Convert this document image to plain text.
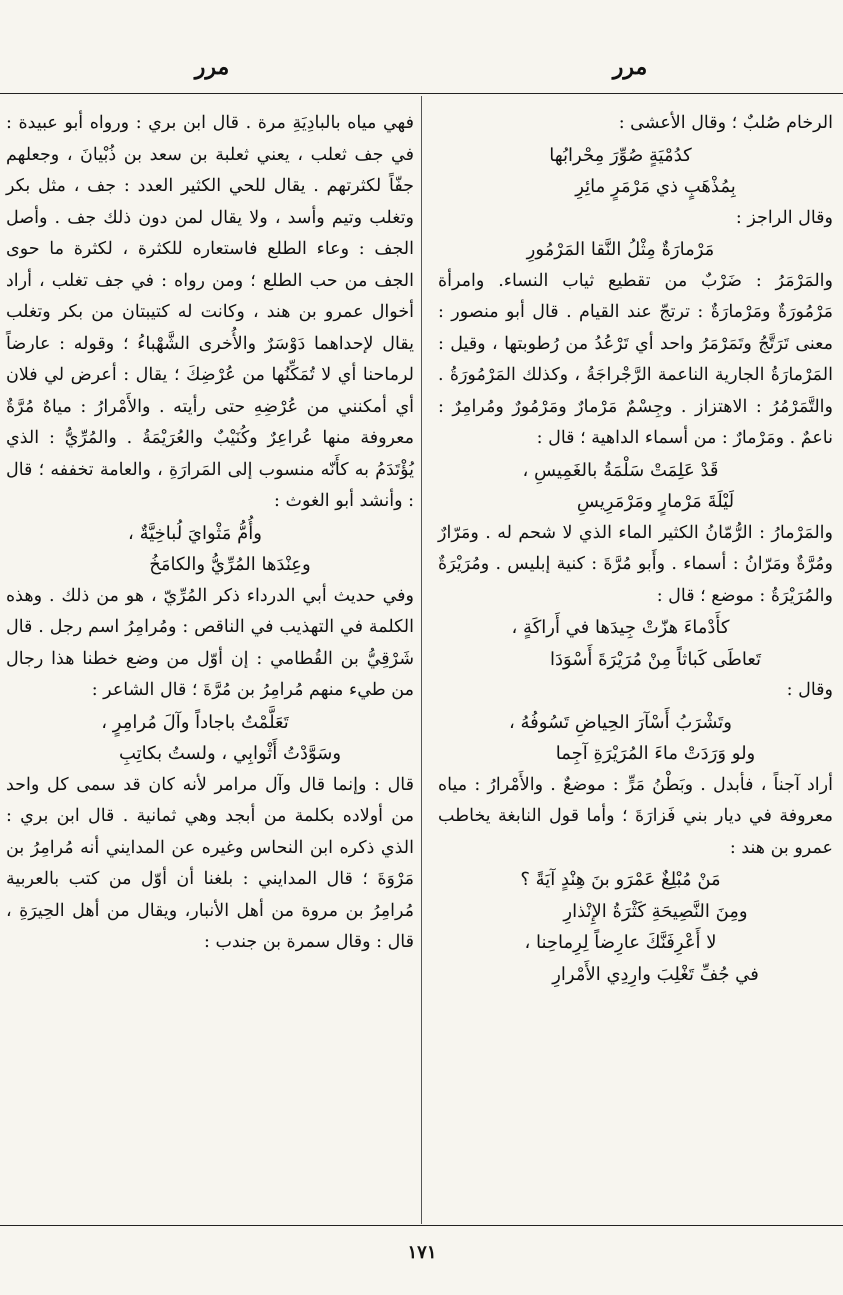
مرر
مرر
الرخام صُلبٌ ؛ وقال الأعشى :
كدُمْيَةٍ صُوِّرَ مِحْرابُها
بِمُذْهَبٍ ذي مَرْمَرٍ مائِرِ
وقال الراجز :
مَرْمارَةٌ مِثْلُ النَّقا المَرْمُورِ
والمَرْمَرُ : ضَرْبٌ من تقطيع ثياب النساء. وامرأة مَرْمُورَةٌ ومَرْمارَةٌ : ترتجّ عند القيام . قال أبو منصور : معنى تَرَتَّجُ وتَمَرْمَرُ واحد أي تَرْعُدُ من رُطوبتها ، وقيل : المَرْمارَةُ الجارية الناعمة الرَّجْراجَةُ ، وكذلك المَرْمُورَةُ . والتَّمَرْمُرُ : الاهتزاز . وجِسْمٌ مَرْمارٌ ومَرْمُورٌ ومُرامِرٌ : ناعمٌ . ومَرْمارٌ : من أسماء الداهية ؛ قال :
قَدْ عَلِمَتْ سَلْمَةُ بالغَمِيسِ ،
لَيْلَةَ مَرْمارٍ ومَرْمَرِيسِ
والمَرْمارُ : الرُّمّانُ الكثير الماء الذي لا شحم له . ومَرّارٌ ومُرَّةٌ ومَرّانُ : أسماء . وأَبو مُرَّةَ : كنية إبليس . ومُرَيْرَةٌ والمُرَيْرَةُ : موضع ؛ قال :
كأَدْماءَ هزّتْ جِيدَها في أَراكَةٍ ،
تَعاطَى كَباثاً مِنْ مُرَيْرَةَ أَسْوَدَا
وقال :
وتَشْرَبُ أَسْآرَ الحِياضِ تَسُوفُهُ ،
ولو وَرَدَتْ ماءَ المُرَيْرَةِ آجِما
أراد آجناً ، فأبدل . وبَطْنُ مَرٍّ : موضعٌ . والأَمْرارُ : مياه معروفة في ديار بني فَزارَةَ ؛ وأما قول النابغة يخاطب عمرو بن هند :
مَنْ مُبْلِغٌ عَمْرَو بنَ هِنْدٍ آيَةً ؟
ومِنَ النَّصِيحَةِ كَثْرَةُ الإِنْذارِ
لا أَعْرِفَنَّكَ عارِضاً لِرِماحِنا ،
في جُفِّ تَغْلِبَ وارِدِي الأَمْرارِ
فهي مياه بالبادِيَةِ مرة . قال ابن بري : ورواه أبو عبيدة : في جف ثعلب ، يعني ثعلبة بن سعد بن ذُبْيانَ ، وجعلهم جفّاً لكثرتهم . يقال للحي الكثير العدد : جف ، مثل بكر وتغلب وتيم وأسد ، ولا يقال لمن دون ذلك جف . وأصل الجف : وعاء الطلع فاستعاره للكثرة ، لكثرة ما حوى الجف من حب الطلع ؛ ومن رواه : في جف تغلب ، أراد أخوال عمرو بن هند ، وكانت له كتيبتان من بكر وتغلب يقال لإحداهما دَوْسَرٌ والأُخرى الشَّهْباءُ ؛ وقوله : عارضاً لرماحنا أي لا تُمَكِّنُها من عُرْضِكَ ؛ يقال : أعرض لي فلان أي أمكنني من عُرْضِهِ حتى رأيته . والأَمْرارُ : مياهٌ مُرَّةٌ معروفة منها عُراعِرٌ وكُنَيْبٌ والعُرَيْمَةُ . والمُرِّيُّ : الذي يُؤْتَدَمُ به كأَنّه منسوب إلى المَرارَةِ ، والعامة تخففه ؛ قال : وأنشد أبو الغوث :
وأُمُّ مَثْوايَ لُباخِيَّةٌ ،
وعِنْدَها المُرِّيُّ والكامَخُ
وفي حديث أبي الدرداء ذكر المُرِّيّ ، هو من ذلك . وهذه الكلمة في التهذيب في الناقص : ومُرامِرُ اسم رجل . قال شَرْقِيُّ بن القُطامي : إن أوّل من وضع خطنا هذا رجال من طيء منهم مُرامِرُ بن مُرَّةَ ؛ قال الشاعر :
تَعَلَّمْتُ باجاداً وآلَ مُرامِرٍ ،
وسَوَّدْتُ أَثْوابِي ، ولستُ بكاتِبِ
قال : وإنما قال وآل مرامر لأنه كان قد سمى كل واحد من أولاده بكلمة من أبجد وهي ثمانية . قال ابن بري : الذي ذكره ابن النحاس وغيره عن المدايني أنه مُرامِرُ بن مَرْوَةَ ؛ قال المدايني : بلغنا أن أوّل من كتب بالعربية مُرامِرُ بن مروة من أهل الأنبار، ويقال من أهل الحِيرَةِ ، قال : وقال سمرة بن جندب :
١٧١
